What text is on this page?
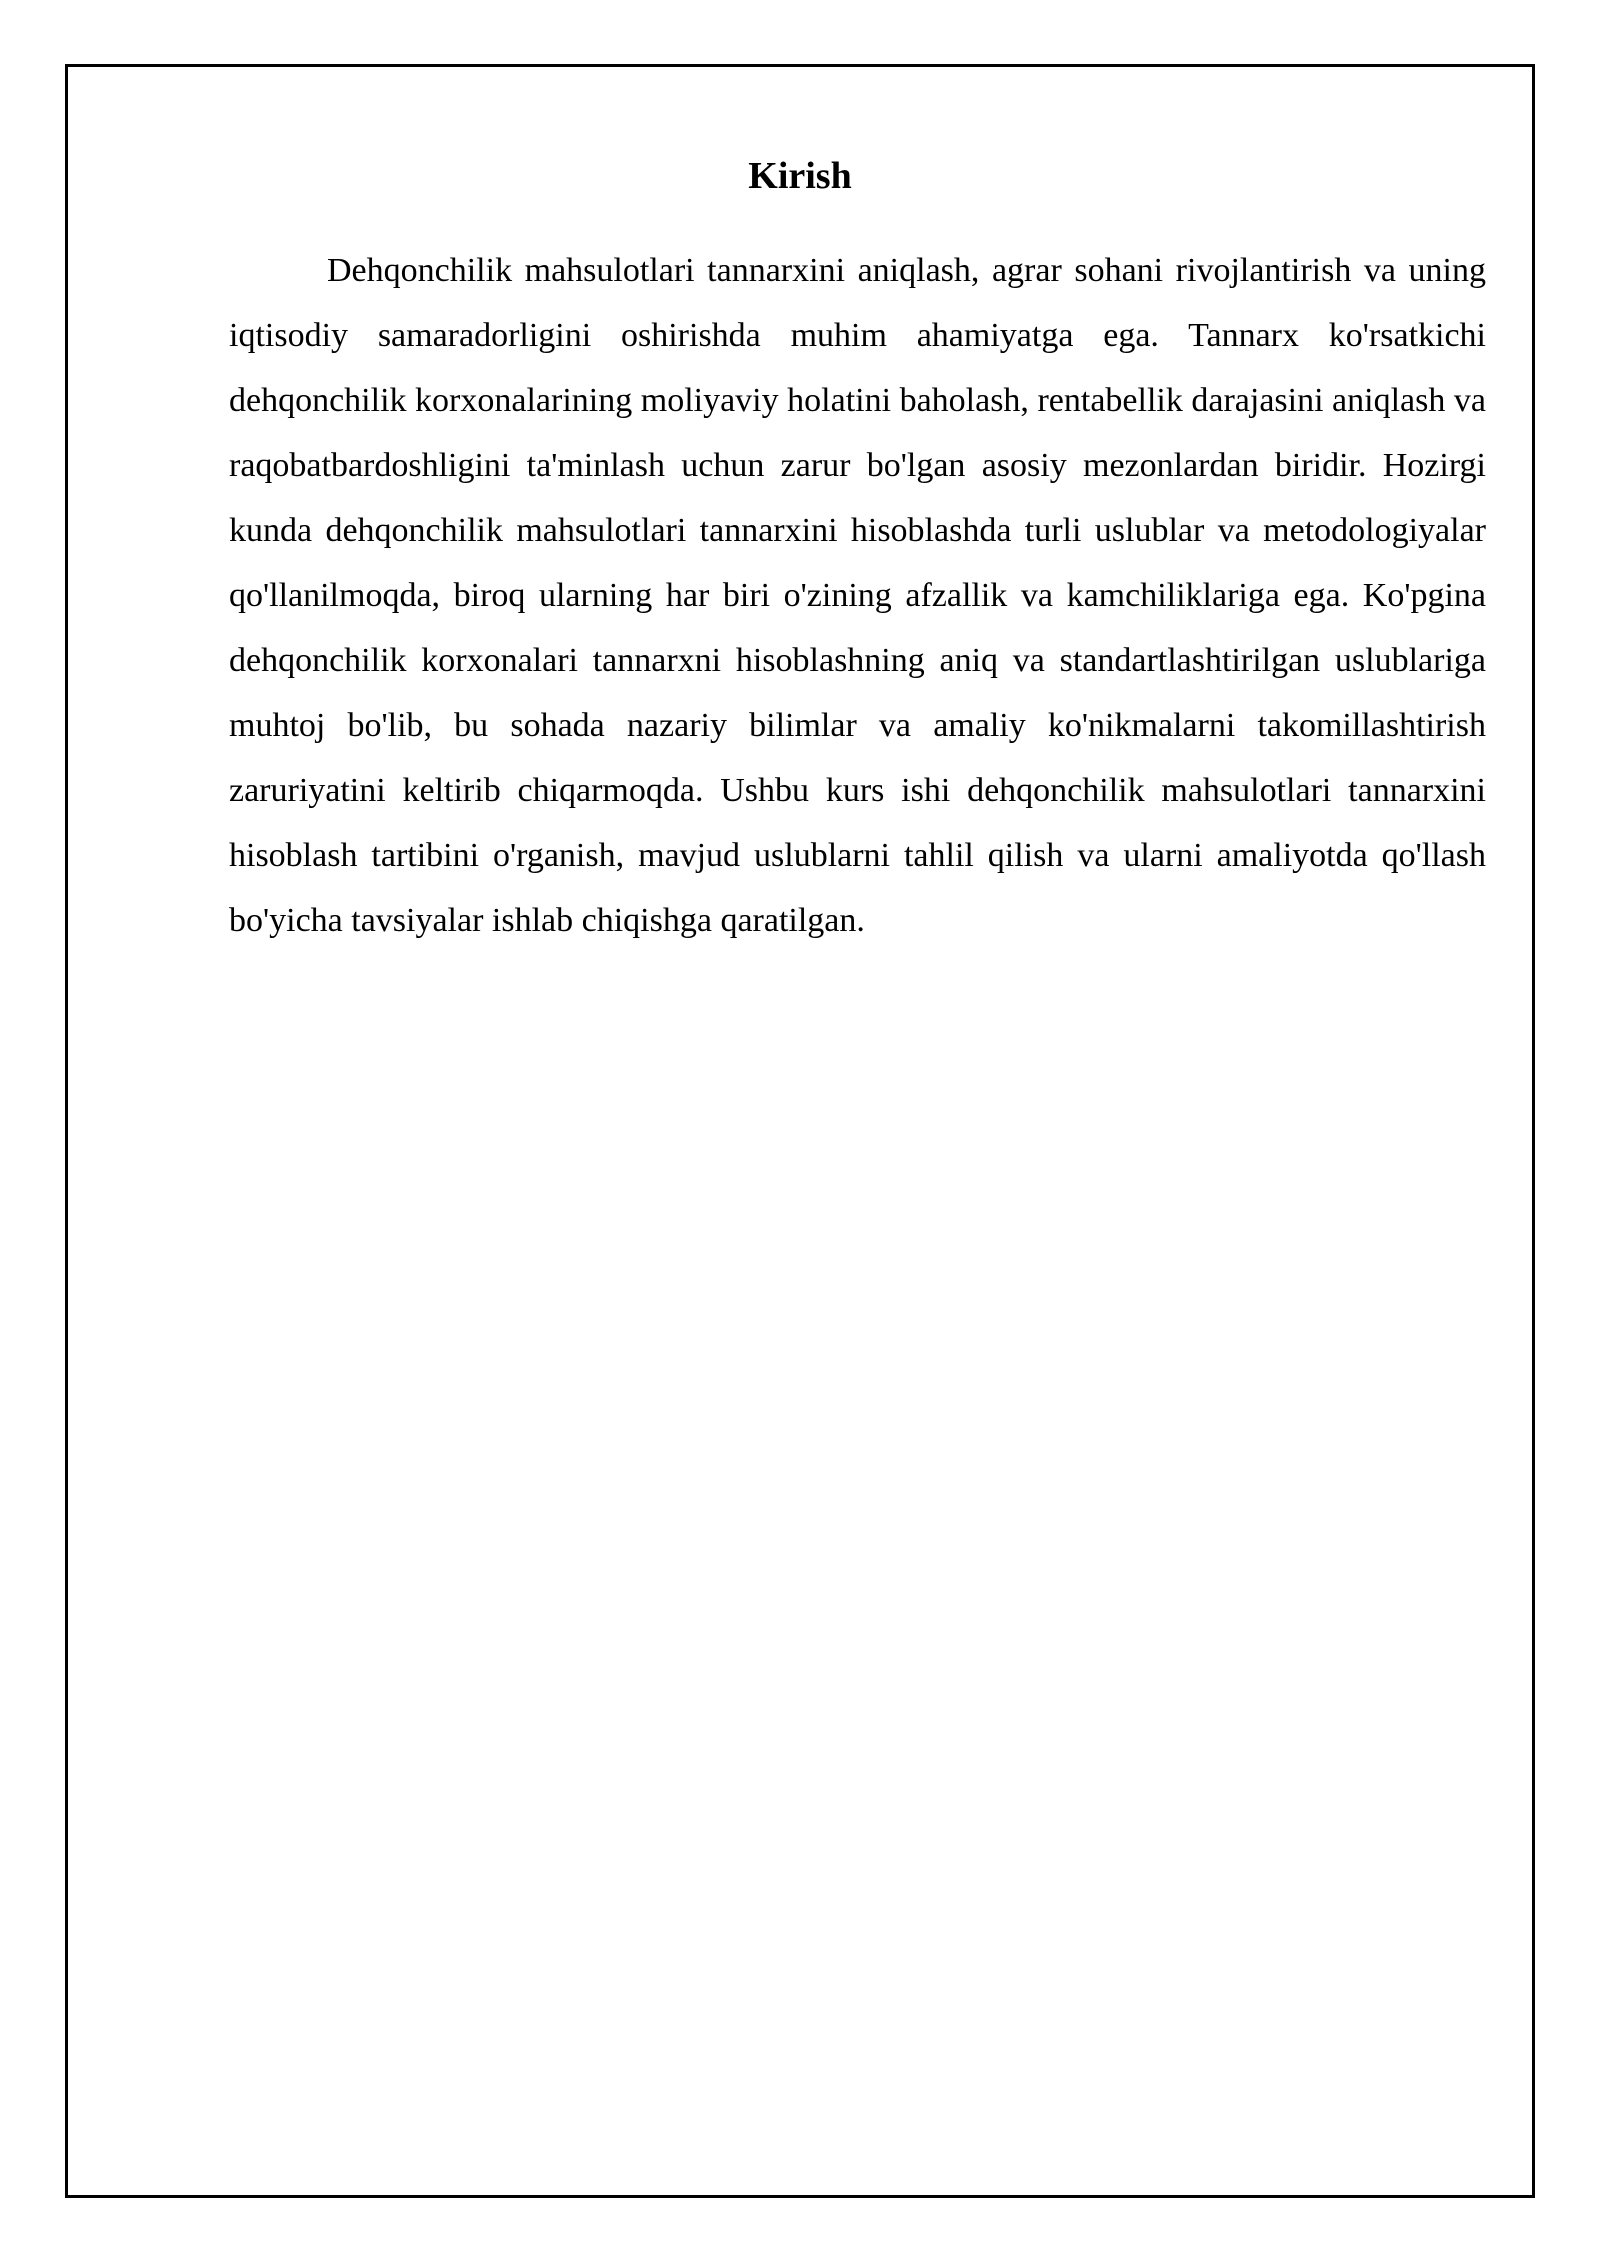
Kirish

Dehqonchilik mahsulotlari tannarxini aniqlash, agrar sohani rivojlantirish va uning iqtisodiy samaradorligini oshirishda muhim ahamiyatga ega. Tannarx ko'rsatkichi dehqonchilik korxonalarining moliyaviy holatini baholash, rentabellik darajasini aniqlash va raqobatbardoshligini ta'minlash uchun zarur bo'lgan asosiy mezonlardan biridir. Hozirgi kunda dehqonchilik mahsulotlari tannarxini hisoblashda turli uslublar va metodologiyalar qo'llanilmoqda, biroq ularning har biri o'zining afzallik va kamchiliklariga ega. Ko'pgina dehqonchilik korxonalari tannarxni hisoblashning aniq va standartlashtirilgan uslublariga muhtoj bo'lib, bu sohada nazariy bilimlar va amaliy ko'nikmalarni takomillashtirish zaruriyatini keltirib chiqarmoqda. Ushbu kurs ishi dehqonchilik mahsulotlari tannarxini hisoblash tartibini o'rganish, mavjud uslublarni tahlil qilish va ularni amaliyotda qo'llash bo'yicha tavsiyalar ishlab chiqishga qaratilgan.
